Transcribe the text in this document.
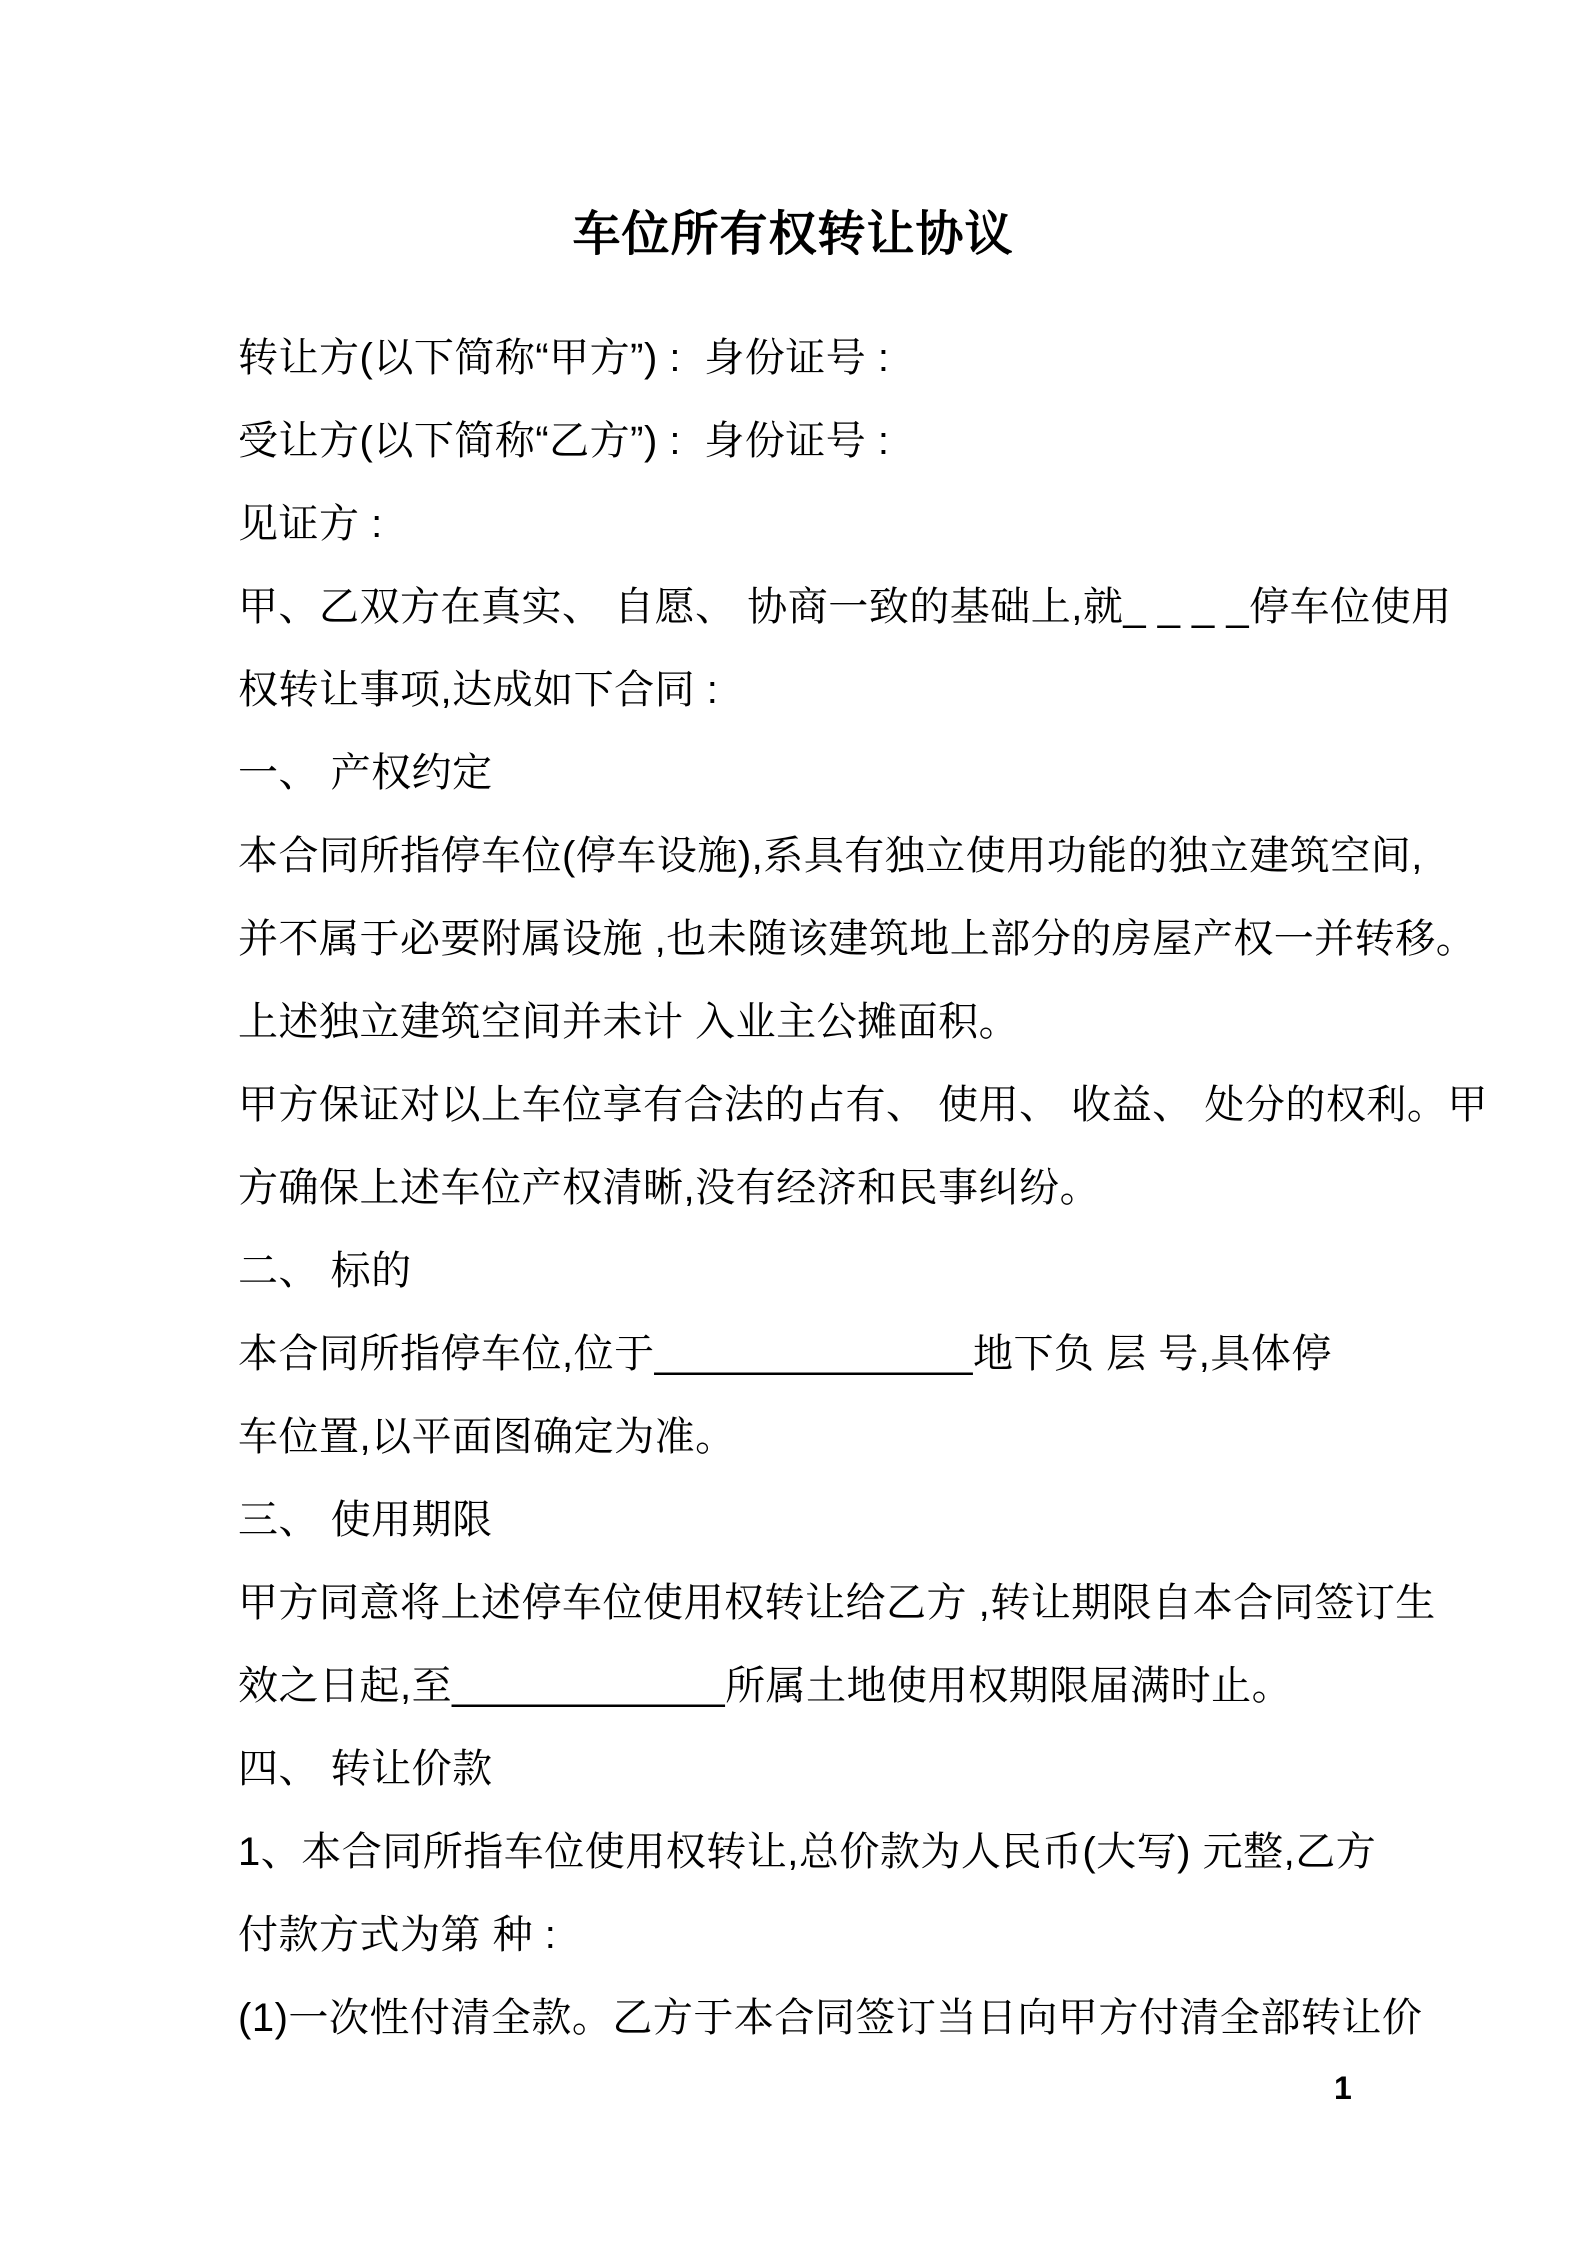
车位所有权转让协议
转让方(以下简称“甲方”) :  身份证号 :
受让方(以下简称“乙方”) :  身份证号 :
见证方 :
甲、乙双方在真实、 自愿、 协商一致的基础上,就_ _ _ _停车位使用
权转让事项,达成如下合同 :
一、 产权约定
本合同所指停车位(停车设施),系具有独立使用功能的独立建筑空间,
并不属于必要附属设施 ,也未随该建筑地上部分的房屋产权一并转移。
上述独立建筑空间并未计 入业主公摊面积。
甲方保证对以上车位享有合法的占有、 使用、 收益、 处分的权利。甲
方确保上述车位产权清晰,没有经济和民事纠纷。
二、 标的
本合同所指停车位,位于______________地下负 层 号,具体停
车位置,以平面图确定为准。
三、 使用期限
甲方同意将上述停车位使用权转让给乙方 ,转让期限自本合同签订生
效之日起,至____________所属土地使用权期限届满时止。
四、 转让价款
1、本合同所指车位使用权转让,总价款为人民币(大写) 元整,乙方
付款方式为第 种 :
(1)一次性付清全款。乙方于本合同签订当日向甲方付清全部转让价
1
